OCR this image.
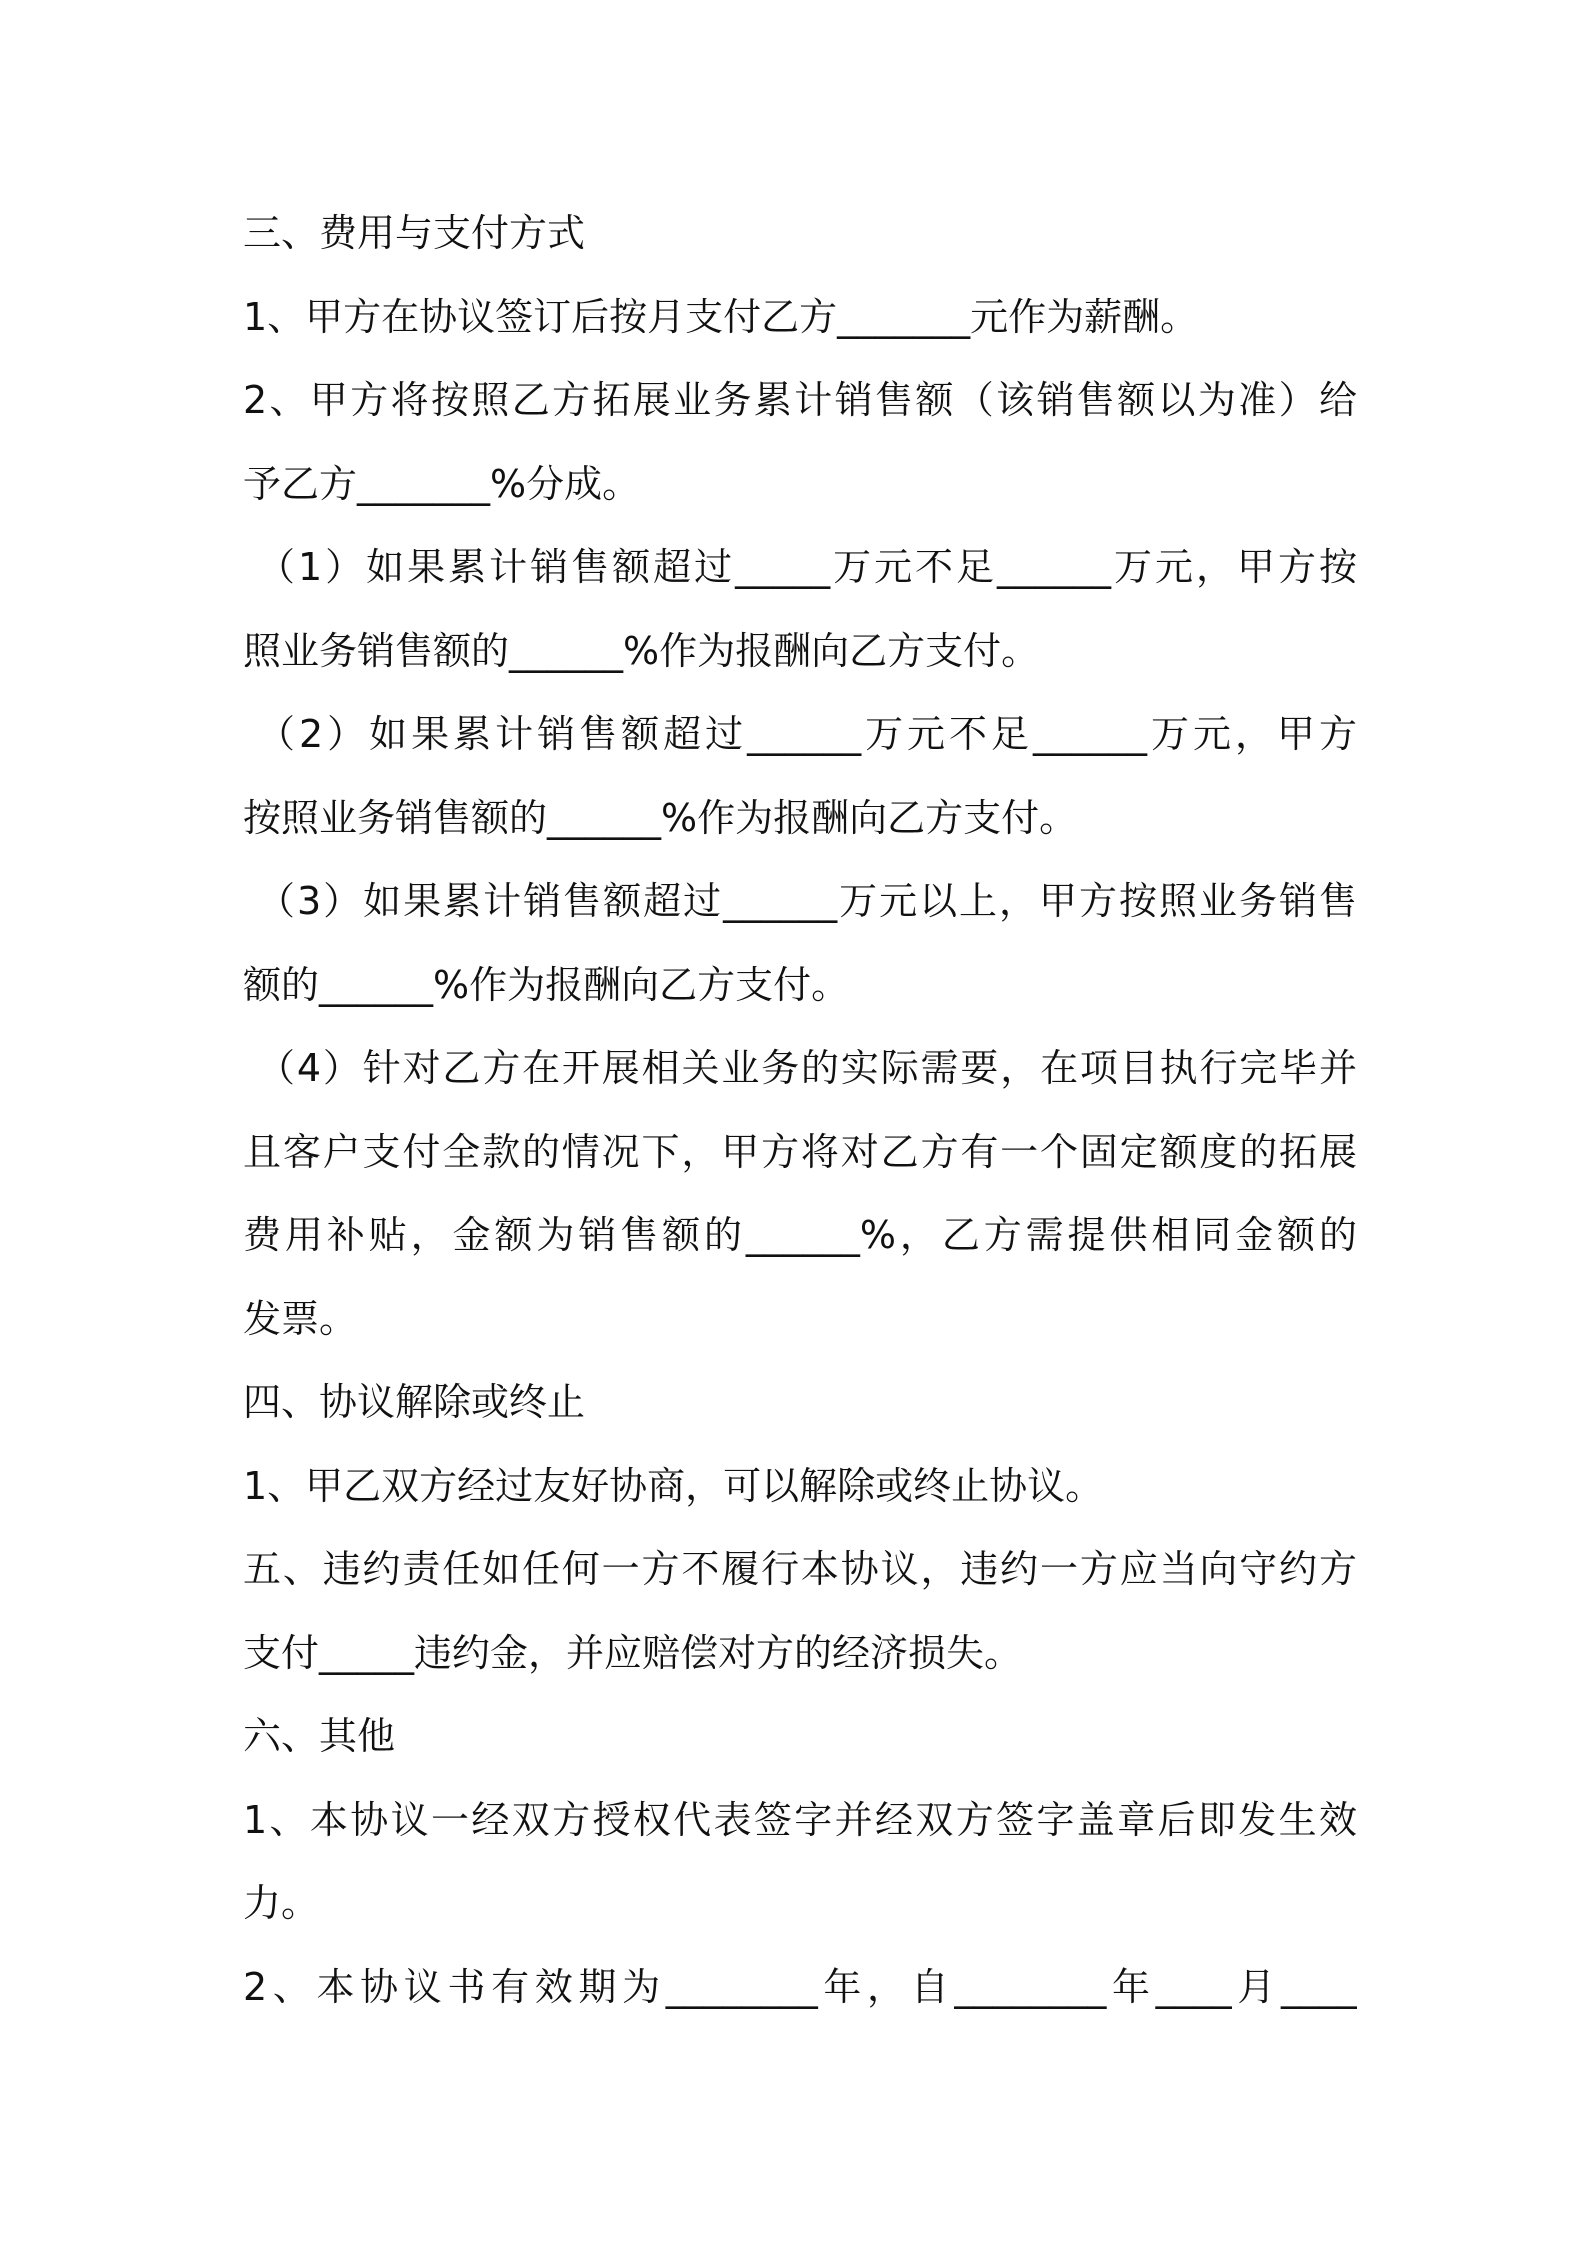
三、费用与支付方式
1、甲方在协议签订后按月支付乙方_______元作为薪酬。
2、甲方将按照乙方拓展业务累计销售额（该销售额以为准）给
予乙方_______%分成。
（1）如果累计销售额超过_____万元不足______万元，甲方按
照业务销售额的______%作为报酬向乙方支付。
（2）如果累计销售额超过______万元不足______万元，甲方
按照业务销售额的______%作为报酬向乙方支付。
（3）如果累计销售额超过______万元以上，甲方按照业务销售
额的______%作为报酬向乙方支付。
（4）针对乙方在开展相关业务的实际需要，在项目执行完毕并
且客户支付全款的情况下，甲方将对乙方有一个固定额度的拓展
费用补贴，金额为销售额的______%，乙方需提供相同金额的
发票。
四、协议解除或终止
1、甲乙双方经过友好协商，可以解除或终止协议。
五、违约责任如任何一方不履行本协议，违约一方应当向守约方
支付_____违约金，并应赔偿对方的经济损失。
六、其他
1、本协议一经双方授权代表签字并经双方签字盖章后即发生效
力。
2、本协议书有效期为________年，自________年____月____
